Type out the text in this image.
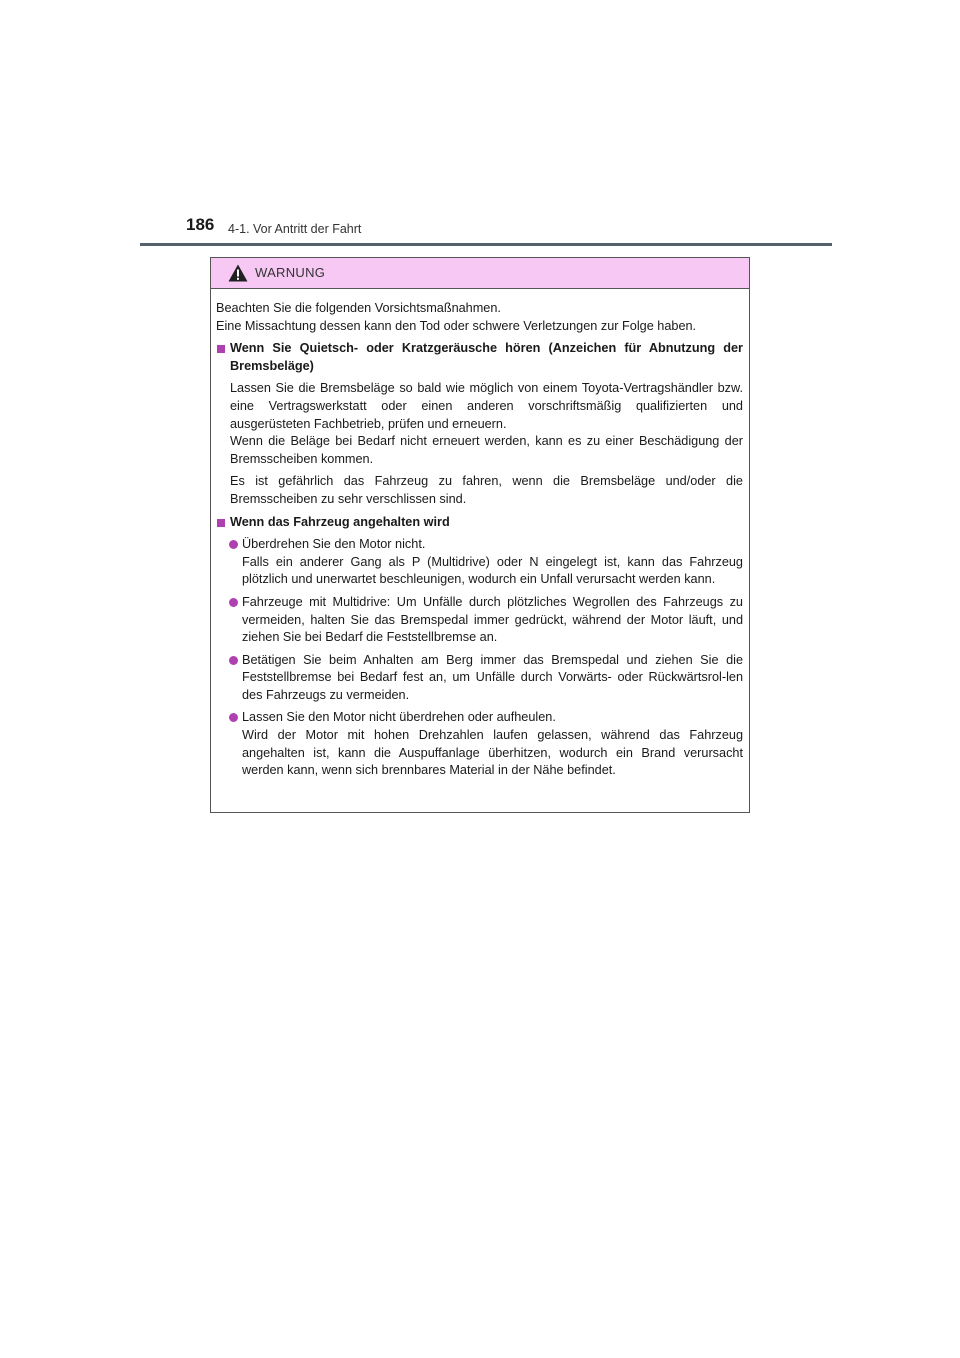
186 4-1. Vor Antritt der Fahrt
WARNUNG
Beachten Sie die folgenden Vorsichtsmaßnahmen.
Eine Missachtung dessen kann den Tod oder schwere Verletzungen zur Folge haben.
Wenn Sie Quietsch- oder Kratzgeräusche hören (Anzeichen für Abnutzung der Bremsbeläge)
Lassen Sie die Bremsbeläge so bald wie möglich von einem Toyota-Vertragshändler bzw. eine Vertragswerkstatt oder einen anderen vorschriftsmäßig qualifizierten und ausgerüsteten Fachbetrieb, prüfen und erneuern.
Wenn die Beläge bei Bedarf nicht erneuert werden, kann es zu einer Beschädigung der Bremsscheiben kommen.
Es ist gefährlich das Fahrzeug zu fahren, wenn die Bremsbeläge und/oder die Bremsscheiben zu sehr verschlissen sind.
Wenn das Fahrzeug angehalten wird
Überdrehen Sie den Motor nicht.
Falls ein anderer Gang als P (Multidrive) oder N eingelegt ist, kann das Fahrzeug plötzlich und unerwartet beschleunigen, wodurch ein Unfall verursacht werden kann.
Fahrzeuge mit Multidrive: Um Unfälle durch plötzliches Wegrollen des Fahrzeugs zu vermeiden, halten Sie das Bremspedal immer gedrückt, während der Motor läuft, und ziehen Sie bei Bedarf die Feststellbremse an.
Betätigen Sie beim Anhalten am Berg immer das Bremspedal und ziehen Sie die Feststellbremse bei Bedarf fest an, um Unfälle durch Vorwärts- oder Rückwärtsrol-len des Fahrzeugs zu vermeiden.
Lassen Sie den Motor nicht überdrehen oder aufheulen.
Wird der Motor mit hohen Drehzahlen laufen gelassen, während das Fahrzeug angehalten ist, kann die Auspuffanlage überhitzen, wodurch ein Brand verursacht werden kann, wenn sich brennbares Material in der Nähe befindet.
